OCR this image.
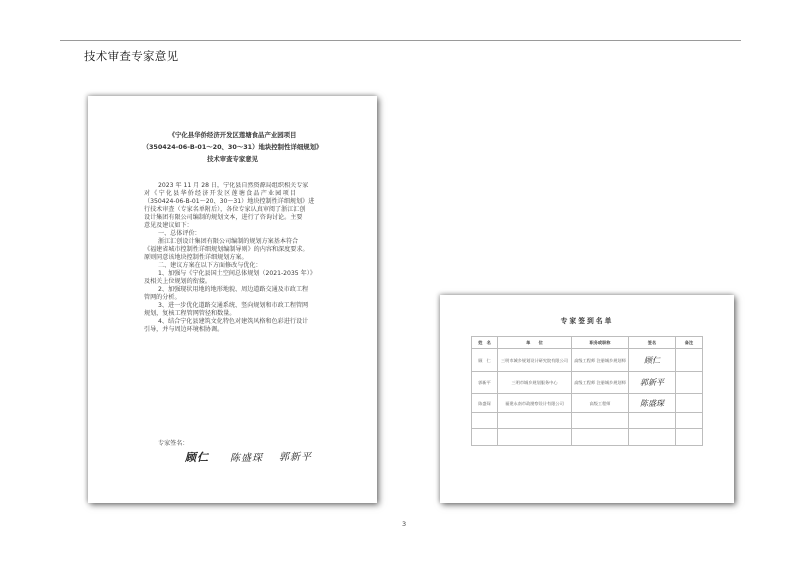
技术审查专家意见
《宁化县华侨经济开发区莲塘食品产业园项目
（350424-06-B-01～20、30～31）地块控制性详细规划》
技术审查专家意见
2023 年 11 月 28 日，宁化县自然资源局组织相关专家
对《宁化县华侨经济开发区莲塘食品产业园项目
（350424-06-B-01～20、30～31）地块控制性详细规划》进
行技术审查（专家名单附后），各位专家认真审阅了浙江汇创
设计集团有限公司编制的规划文本，进行了咨询讨论。主要
意见及建议如下：
一、总体评价：
浙江汇创设计集团有限公司编制的规划方案基本符合
《福建省城市控制性详细规划编制导则》的内容和深度要求。
原则同意该地块控制性详细规划方案。
二、建议方案在以下方面修改与优化：
1、加强与《宁化县国土空间总体规划（2021-2035 年）》
及相关上位规划的衔接。
2、加强现状用地的地形地貌、周边道路交通及市政工程
管网的分析。
3、进一步优化道路交通系统、竖向规划和市政工程管网
规划，复核工程管网管径和数量。
4、结合宁化县建筑文化特色对建筑风格和色彩进行设计
引导，并与周边环境相协调。
专家签名：
顾仁 陈盛琛 郭新平
专家签到名单
姓　名	单　　位	职务或职称	签名	备注
顾　仁	三明市城乡规划设计研究院有限公司	高级工程师 注册城乡规划师	顾仁	
郭新平	三明市城乡规划服务中心	高级工程师 注册城乡规划师	郭新平	
陈盛琛	福建永南市政勘察设计有限公司	高级工程师	陈盛琛	

3
